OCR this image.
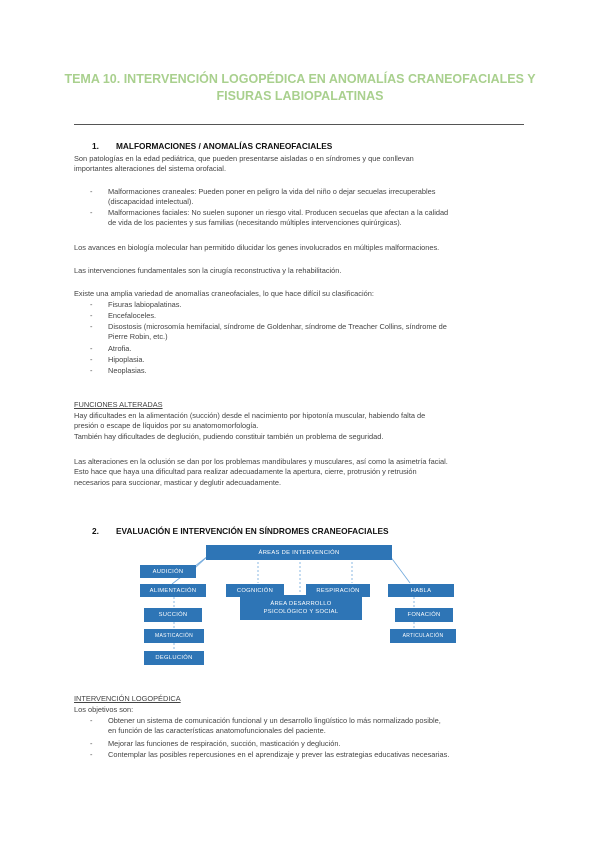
TEMA 10. INTERVENCIÓN LOGOPÉDICA EN ANOMALÍAS CRANEOFACIALES Y
FISURAS LABIOPALATINAS
1. MALFORMACIONES / ANOMALÍAS CRANEOFACIALES
Son patologías en la edad pediátrica, que pueden presentarse aisladas o en síndromes y que conllevan
importantes alteraciones del sistema orofacial.
- Malformaciones craneales: Pueden poner en peligro la vida del niño o dejar secuelas irrecuperables
(discapacidad intelectual).
- Malformaciones faciales: No suelen suponer un riesgo vital. Producen secuelas que afectan a la calidad
de vida de los pacientes y sus familias (necesitando múltiples intervenciones quirúrgicas).
Los avances en biología molecular han permitido dilucidar los genes involucrados en múltiples malformaciones.
Las intervenciones fundamentales son la cirugía reconstructiva y la rehabilitación.
Existe una amplia variedad de anomalías craneofaciales, lo que hace difícil su clasificación:
- Fisuras labiopalatinas.
- Encefaloceles.
- Disostosis (microsomía hemifacial, síndrome de Goldenhar, síndrome de Treacher Collins, síndrome de
Pierre Robin, etc.)
- Atrofia.
- Hipoplasia.
- Neoplasias.
FUNCIONES ALTERADAS
Hay dificultades en la alimentación (succión) desde el nacimiento por hipotonía muscular, habiendo falta de
presión o escape de líquidos por su anatomomorfología.
También hay dificultades de deglución, pudiendo constituir también un problema de seguridad.
Las alteraciones en la oclusión se dan por los problemas mandibulares y musculares, así como la asimetría facial.
Esto hace que haya una dificultad para realizar adecuadamente la apertura, cierre, protrusión y retrusión
necesarios para succionar, masticar y deglutir adecuadamente.
2. EVALUACIÓN E INTERVENCIÓN EN SÍNDROMES CRANEOFACIALES
ÁREAS DE INTERVENCIÓN
AUDICIÓN
ALIMENTACIÓN	COGNICIÓN	RESPIRACIÓN	HABLA
SUCCIÓN	FONACIÓN
ÁREA DESARROLLO
PSICOLÓGICO Y SOCIAL
MASTICACIÓN	ARTICULACIÓN
DEGLUCIÓN
INTERVENCIÓN LOGOPÉDICA
Los objetivos son:
- Obtener un sistema de comunicación funcional y un desarrollo lingüístico lo más normalizado posible,
en función de las características anatomofuncionales del paciente.
- Mejorar las funciones de respiración, succión, masticación y deglución.
- Contemplar las posibles repercusiones en el aprendizaje y prever las estrategias educativas necesarias.
